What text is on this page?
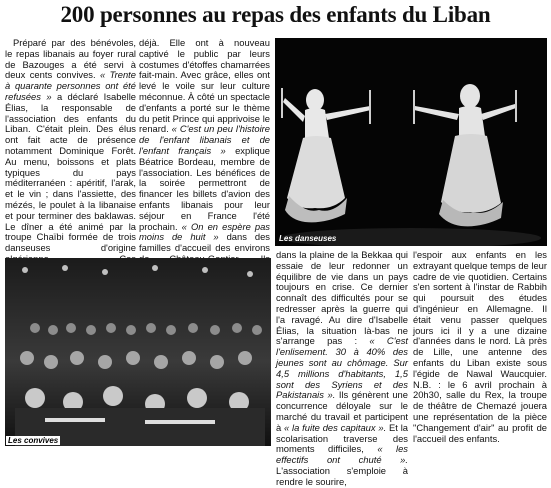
200 personnes au repas des enfants du Liban

Préparé par des bénévoles, le repas libanais au foyer rural de Bazouges a été servi à deux cents convives. « Trente à quarante personnes ont été refusées » a déclaré Isabelle Élias, la responsable de l'association des enfants du Liban. C'était plein. Des élus ont fait acte de présence notamment Dominique Forêt. Au menu, boissons et plats typiques du pays méditerranéen : apéritif, l'arak, et le vin ; dans l'assiette, des mézés, le poulet à la libanaise et pour terminer des baklawas. Le dîner a été animé par la troupe Chaïbi formée de trois danseuses d'origine

déjà. Elle ont à nouveau captivé le public par leurs costumes d'étoffes chamarrées fait-main. Avec grâce, elles ont levé le voile sur leur culture méconnue. À côté un spectacle d'enfants a porté sur le thème du petit Prince qui apprivoise le renard. « C'est un peu l'histoire de l'enfant libanais et de l'enfant français » explique Béatrice Bordeau, membre de l'association. Les bénéfices de la soirée permettront de financer les billets d'avion des enfants libanais pour leur séjour en France l'été prochain. « On en espère pas moins de huit » dans des familles d'accueil des environs

Les danseuses
Les convives

dans la plaine de la Bekkaa qui essaie de leur redonner un équilibre de vie dans un pays toujours en crise. Ce dernier connaît des difficultés pour se redresser après la guerre qui l'a ravagé. Au dire d'Isabelle Élias, la situation là-bas ne s'arrange pas : « C'est l'enlisement. 30 à 40% des jeunes sont au chômage. Sur 4,5 millions d'habitants, 1,5 sont des Syriens et des Pakistanais ». Ils génèrent une concurrence déloyale sur le marché du travail et participent à « la fuite des capitaux ». Et la scolarisation traverse des moments difficiles, « les effectifs ont chuté ». L'association s'emploie à rendre le sourire,

l'espoir aux enfants en les extrayant quelque temps de leur cadre de vie quotidien. Certains s'en sortent à l'instar de Rabbih qui poursuit des études d'ingénieur en Allemagne. Il était venu passer quelques jours ici il y a une dizaine d'années dans le nord. Là près de Lille, une antenne des enfants du Liban existe sous l'égide de Nawal Waucquier. N.B. : le 6 avril prochain à 20h30, salle du Rex, la troupe de théâtre de Chemazé jouera une représentation de la pièce "Changement d'air" au profit de l'accueil des enfants.
